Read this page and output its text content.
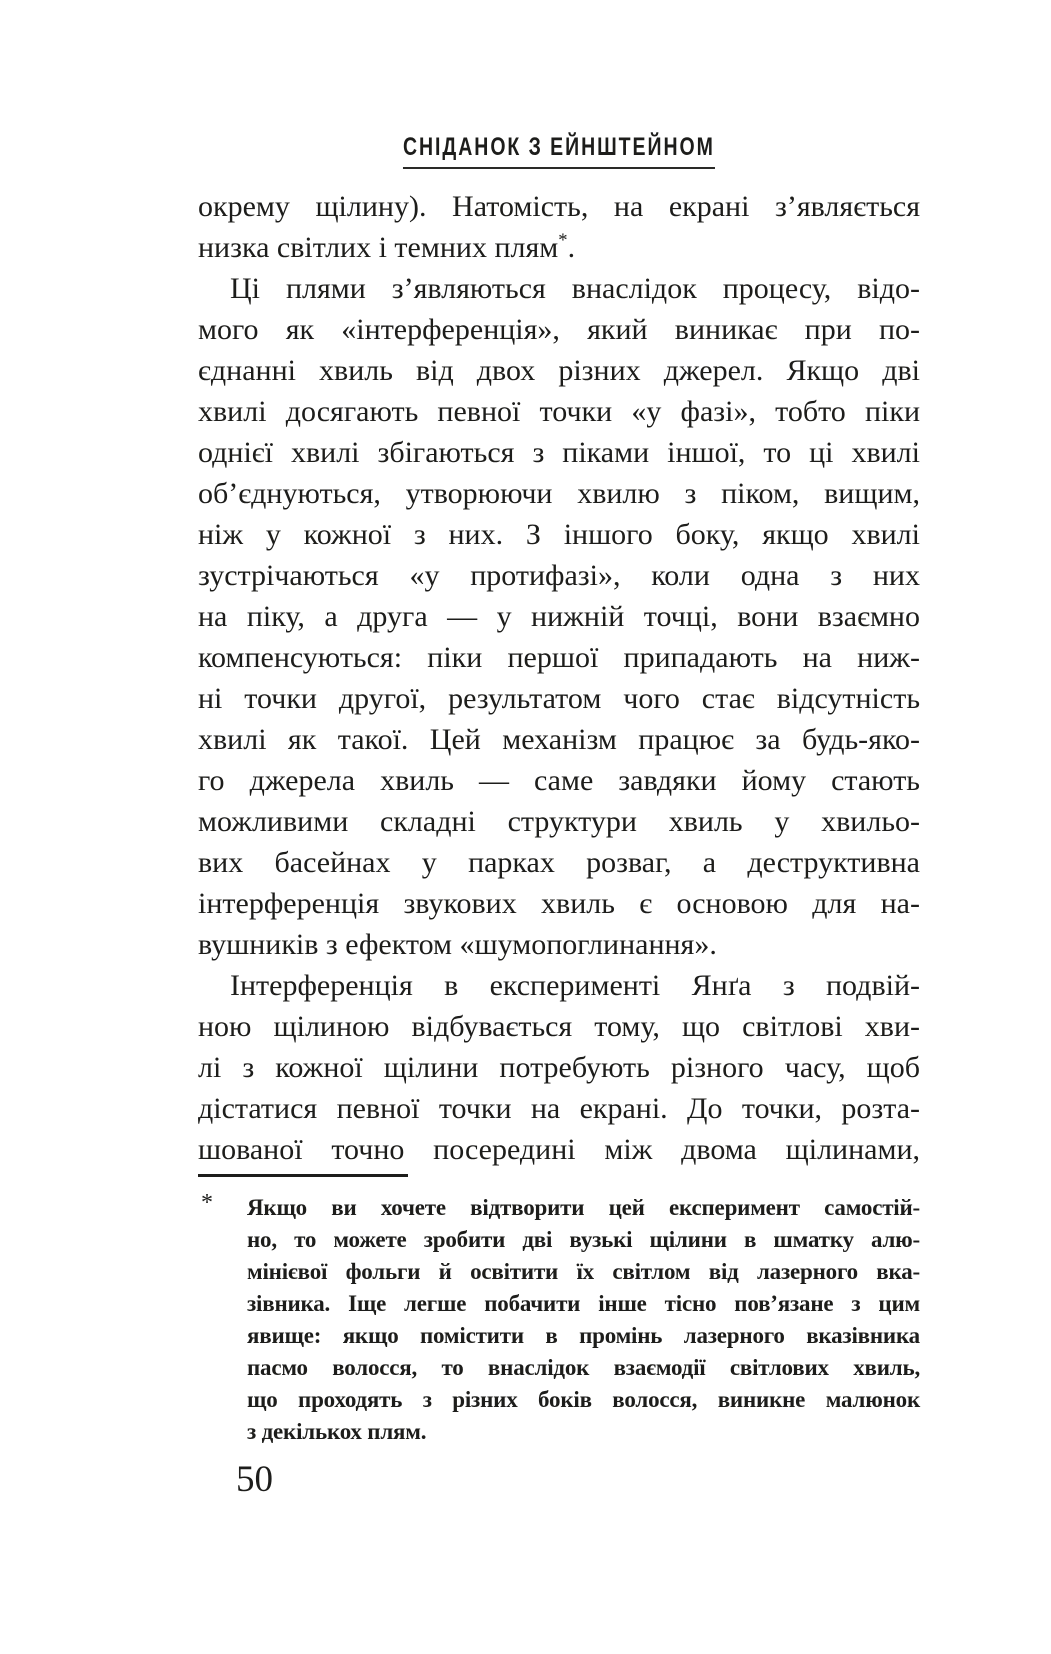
СНІДАНОК З ЕЙНШТЕЙНОМ
окрему щілину). Натомість, на екрані з’являється
низка світлих і темних плям*.
Ці плями з’являються внаслідок процесу, відо-
мого як «інтерференція», який виникає при по-
єднанні хвиль від двох різних джерел. Якщо дві
хвилі досягають певної точки «у фазі», тобто піки
однієї хвилі збігаються з піками іншої, то ці хвилі
об’єднуються, утворюючи хвилю з піком, вищим,
ніж у кожної з них. З іншого боку, якщо хвилі
зустрічаються «у протифазі», коли одна з них
на піку, а друга — у нижній точці, вони взаємно
компенсуються: піки першої припадають на ниж-
ні точки другої, результатом чого стає відсутність
хвилі як такої. Цей механізм працює за будь-яко-
го джерела хвиль — саме завдяки йому стають
можливими складні структури хвиль у хвильо-
вих басейнах у парках розваг, а деструктивна
інтерференція звукових хвиль є основою для на-
вушників з ефектом «шумопоглинання».
Інтерференція в експерименті Янґа з подвій-
ною щілиною відбувається тому, що світлові хви-
лі з кожної щілини потребують різного часу, щоб
дістатися певної точки на екрані. До точки, розта-
шованої точно посередині між двома щілинами,
* Якщо ви хочете відтворити цей експеримент самостій-
но, то можете зробити дві вузькі щілини в шматку алю-
мінієвої фольги й освітити їх світлом від лазерного вка-
зівника. Іще легше побачити інше тісно пов’язане з цим
явище: якщо помістити в промінь лазерного вказівника
пасмо волосся, то внаслідок взаємодії світлових хвиль,
що проходять з різних боків волосся, виникне малюнок
з декількох плям.
50
